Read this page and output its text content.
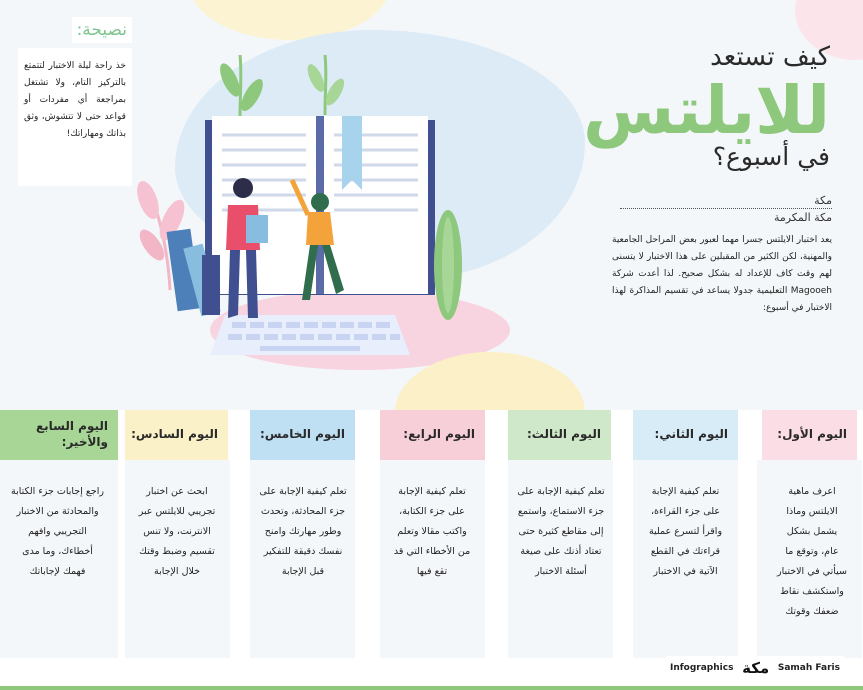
نصيحة:
خذ راحة ليلة الاختبار لتتمتع بالتركيز التام، ولا تشتغل بمراجعة أي مفردات أو قواعد حتى لا تتشوش، وثق بذاتك ومهاراتك!
كيف تستعد
للايلتس
في أسبوع؟
مكة
مكة المكرمة
يعد اختبار الايلتس جسرا مهما لعبور بعض المراحل الجامعية والمهنية، لكن الكثير من المقبلين على هذا الاختبار لا يتسنى لهم وقت كاف للإعداد له بشكل صحيح. لذا أعدت شركة Magooeh التعليمية جدولا يساعد في تقسيم المذاكرة لهذا الاختبار في أسبوع:
اليوم الأول:
اعرف ماهية الايلتس وماذا يشمل بشكل عام، وتوقع ما سيأتي في الاختبار واستكشف نقاط ضعفك وقوتك
اليوم الثاني:
تعلم كيفية الإجابة على جزء القراءة، واقرأ لتسرع عملية قراءتك في القطع الآتية في الاختبار
اليوم الثالث:
تعلم كيفية الإجابة على جزء الاستماع، واستمع إلى مقاطع كثيرة حتى تعتاد أذنك على صيغة أسئلة الاختبار
اليوم الرابع:
تعلم كيفية الإجابة على جزء الكتابة، واكتب مقالا وتعلم من الأخطاء التي قد تقع فيها
اليوم الخامس:
تعلم كيفية الإجابة على جزء المحادثة، وتحدث وطور مهارتك وامنح نفسك دقيقة للتفكير قبل الإجابة
اليوم السادس:
ابحث عن اختبار تجريبي للايلتس عبر الانترنت، ولا تنس تقسيم وضبط وقتك خلال الإجابة
اليوم السابع والأخير:
راجع إجابات جزء الكتابة والمحادثة من الاختبار التجريبي وافهم أخطاءك، وما مدى فهمك لإجاباتك
Infographics مكة Samah Faris
